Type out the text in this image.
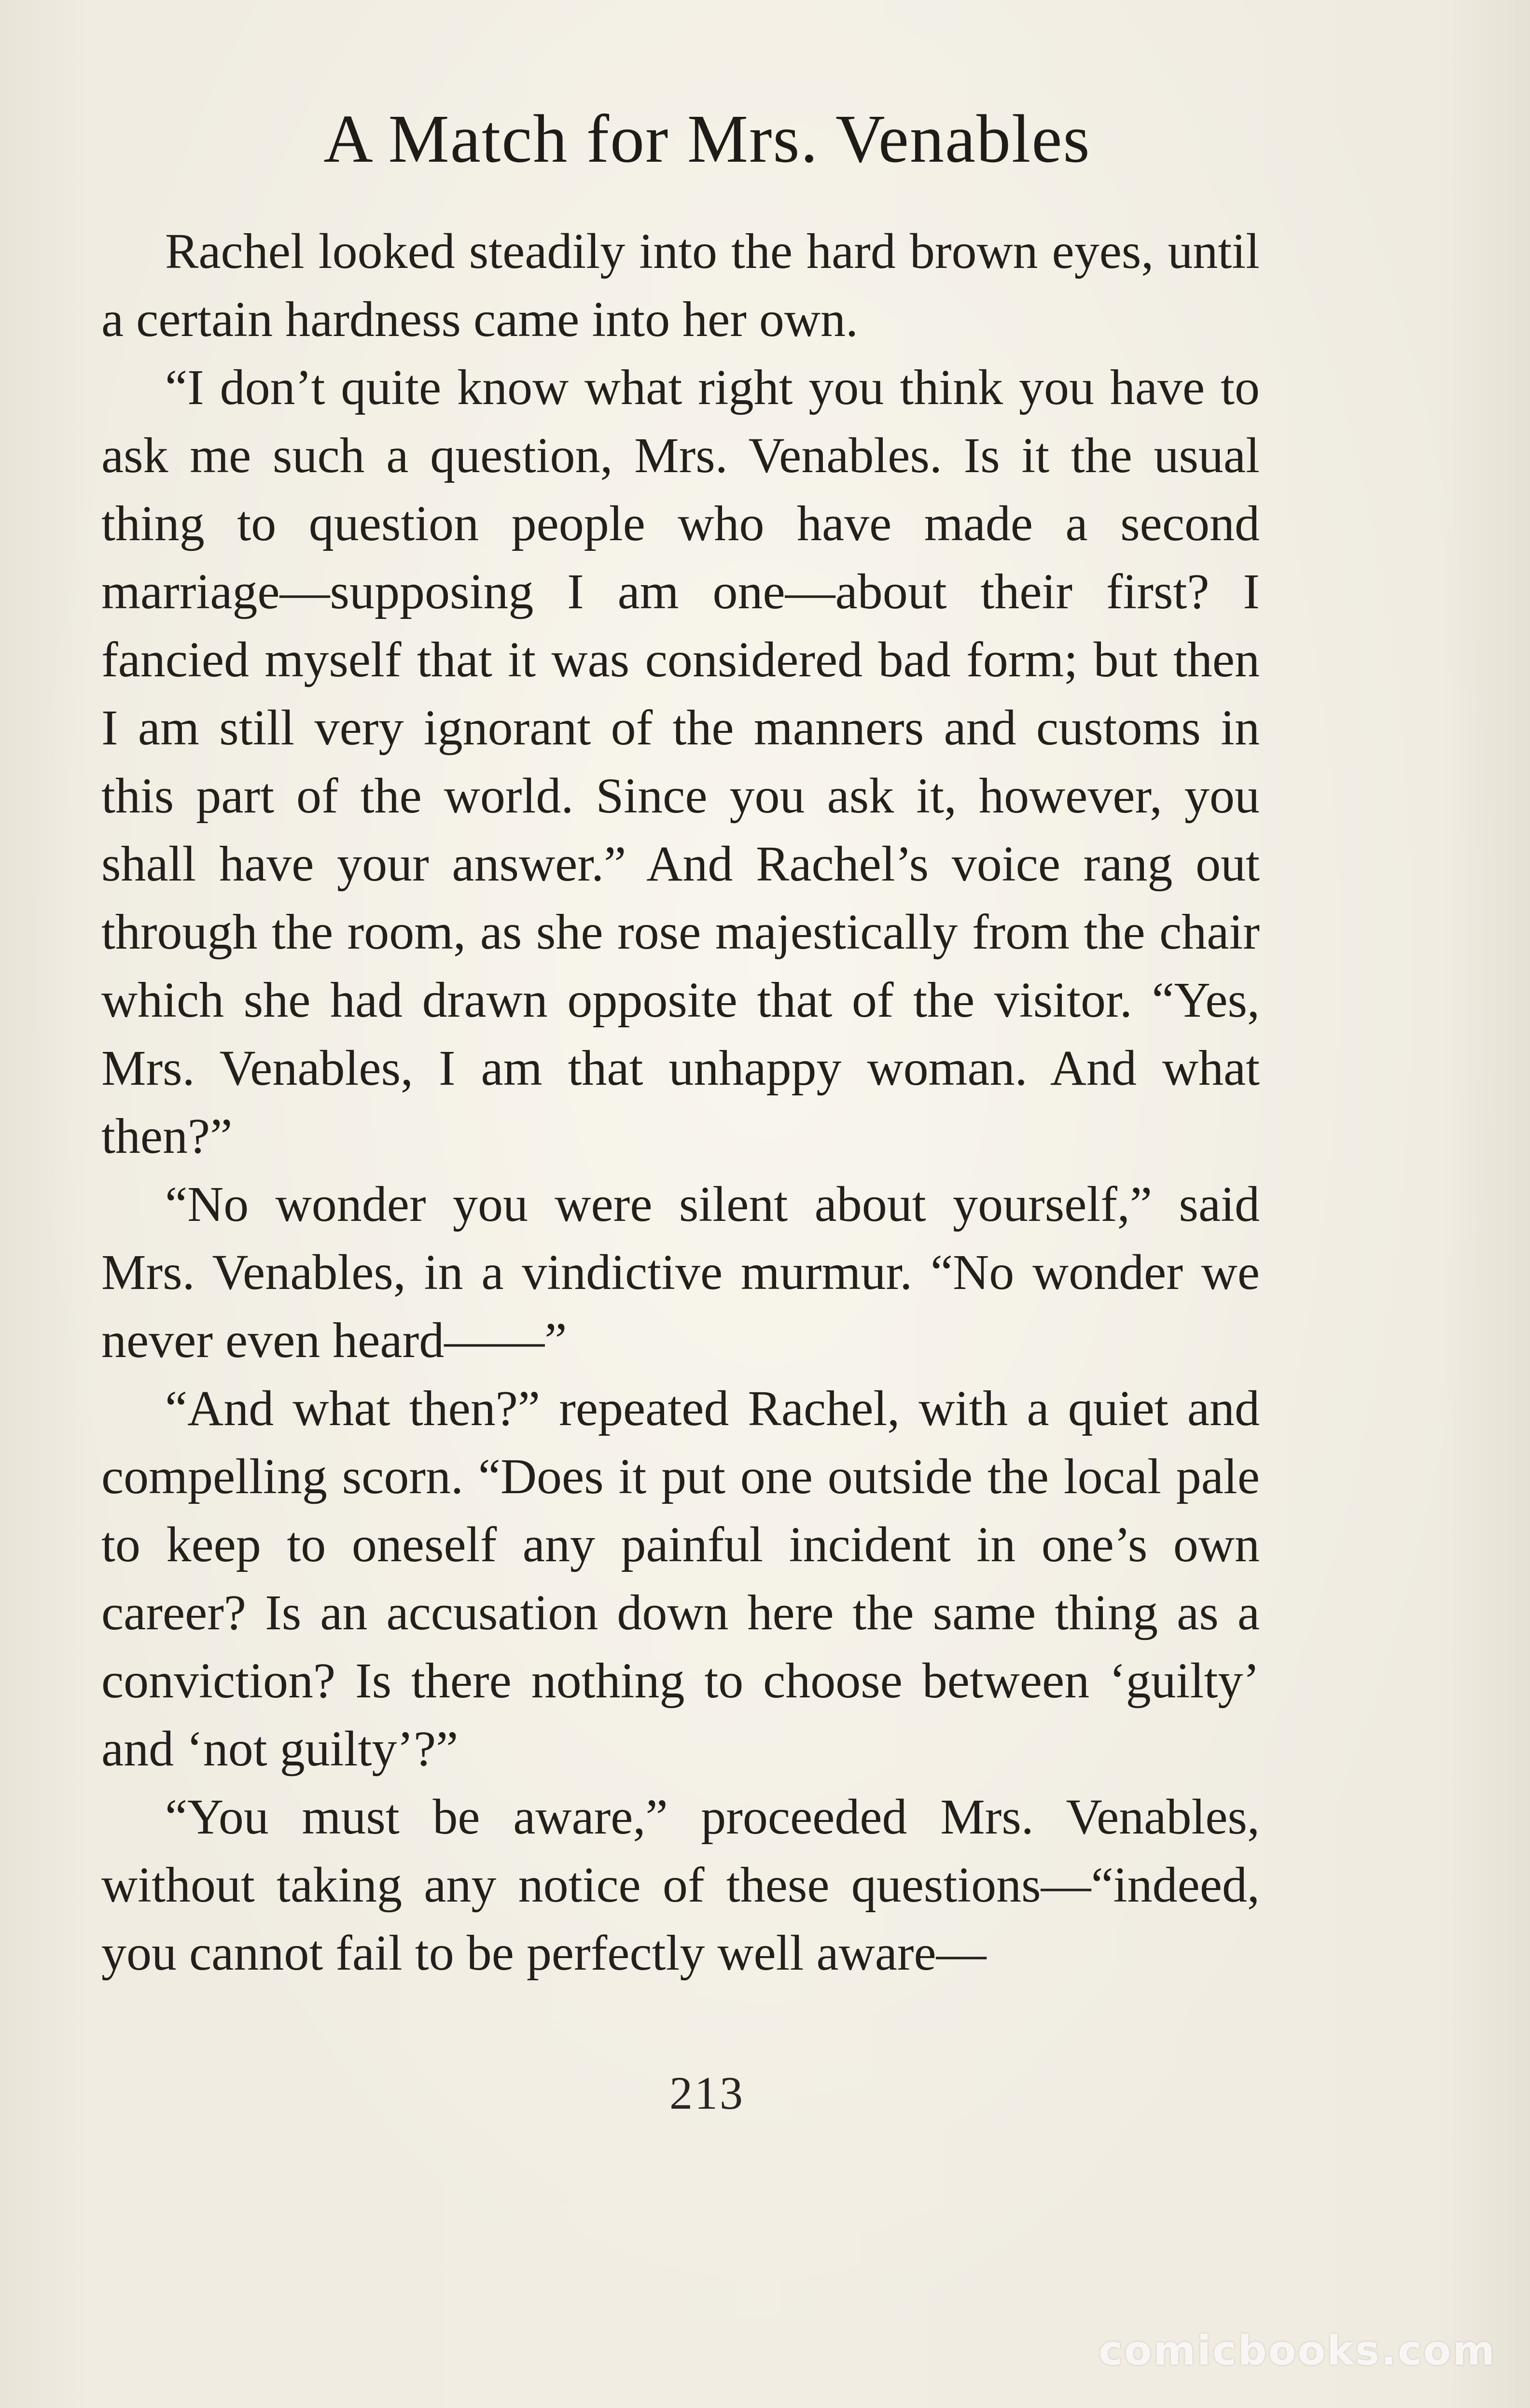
A Match for Mrs. Venables

Rachel looked steadily into the hard brown eyes, until a certain hardness came into her own.

“I don’t quite know what right you think you have to ask me such a question, Mrs. Venables. Is it the usual thing to question people who have made a second marriage—supposing I am one—about their first? I fancied myself that it was considered bad form; but then I am still very ignorant of the manners and customs in this part of the world. Since you ask it, however, you shall have your answer.” And Rachel’s voice rang out through the room, as she rose majestically from the chair which she had drawn opposite that of the visitor. “Yes, Mrs. Venables, I am that unhappy woman. And what then?”

“No wonder you were silent about yourself,” said Mrs. Venables, in a vindictive murmur. “No wonder we never even heard——”

“And what then?” repeated Rachel, with a quiet and compelling scorn. “Does it put one outside the local pale to keep to oneself any painful incident in one’s own career? Is an accusation down here the same thing as a conviction? Is there nothing to choose between ‘guilty’ and ‘not guilty’?”

“You must be aware,” proceeded Mrs. Venables, without taking any notice of these questions—“indeed, you cannot fail to be perfectly well aware—

213
comicbooks.com
